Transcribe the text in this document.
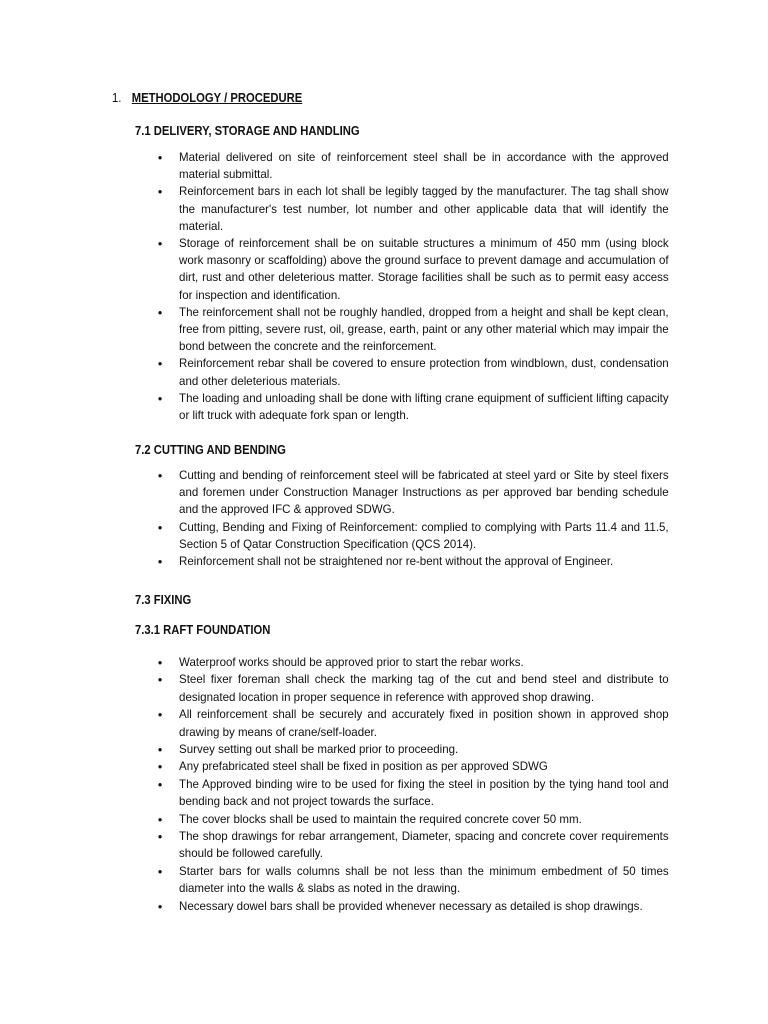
1. METHODOLOGY / PROCEDURE
7.1 DELIVERY, STORAGE AND HANDLING
• Material delivered on site of reinforcement steel shall be in accordance with the approved material submittal.
• Reinforcement bars in each lot shall be legibly tagged by the manufacturer. The tag shall show the manufacturer's test number, lot number and other applicable data that will identify the material.
• Storage of reinforcement shall be on suitable structures a minimum of 450 mm (using block work masonry or scaffolding) above the ground surface to prevent damage and accumulation of dirt, rust and other deleterious matter. Storage facilities shall be such as to permit easy access for inspection and identification.
• The reinforcement shall not be roughly handled, dropped from a height and shall be kept clean, free from pitting, severe rust, oil, grease, earth, paint or any other material which may impair the bond between the concrete and the reinforcement.
• Reinforcement rebar shall be covered to ensure protection from windblown, dust, condensation and other deleterious materials.
• The loading and unloading shall be done with lifting crane equipment of sufficient lifting capacity or lift truck with adequate fork span or length.
7.2 CUTTING AND BENDING
• Cutting and bending of reinforcement steel will be fabricated at steel yard or Site by steel fixers and foremen under Construction Manager Instructions as per approved bar bending schedule and the approved IFC & approved SDWG.
• Cutting, Bending and Fixing of Reinforcement: complied to complying with Parts 11.4 and 11.5, Section 5 of Qatar Construction Specification (QCS 2014).
• Reinforcement shall not be straightened nor re-bent without the approval of Engineer.
7.3 FIXING
7.3.1 RAFT FOUNDATION
• Waterproof works should be approved prior to start the rebar works.
• Steel fixer foreman shall check the marking tag of the cut and bend steel and distribute to designated location in proper sequence in reference with approved shop drawing.
• All reinforcement shall be securely and accurately fixed in position shown in approved shop drawing by means of crane/self-loader.
• Survey setting out shall be marked prior to proceeding.
• Any prefabricated steel shall be fixed in position as per approved SDWG
• The Approved binding wire to be used for fixing the steel in position by the tying hand tool and bending back and not project towards the surface.
• The cover blocks shall be used to maintain the required concrete cover 50 mm.
• The shop drawings for rebar arrangement, Diameter, spacing and concrete cover requirements should be followed carefully.
• Starter bars for walls columns shall be not less than the minimum embedment of 50 times diameter into the walls & slabs as noted in the drawing.
• Necessary dowel bars shall be provided whenever necessary as detailed is shop drawings.
